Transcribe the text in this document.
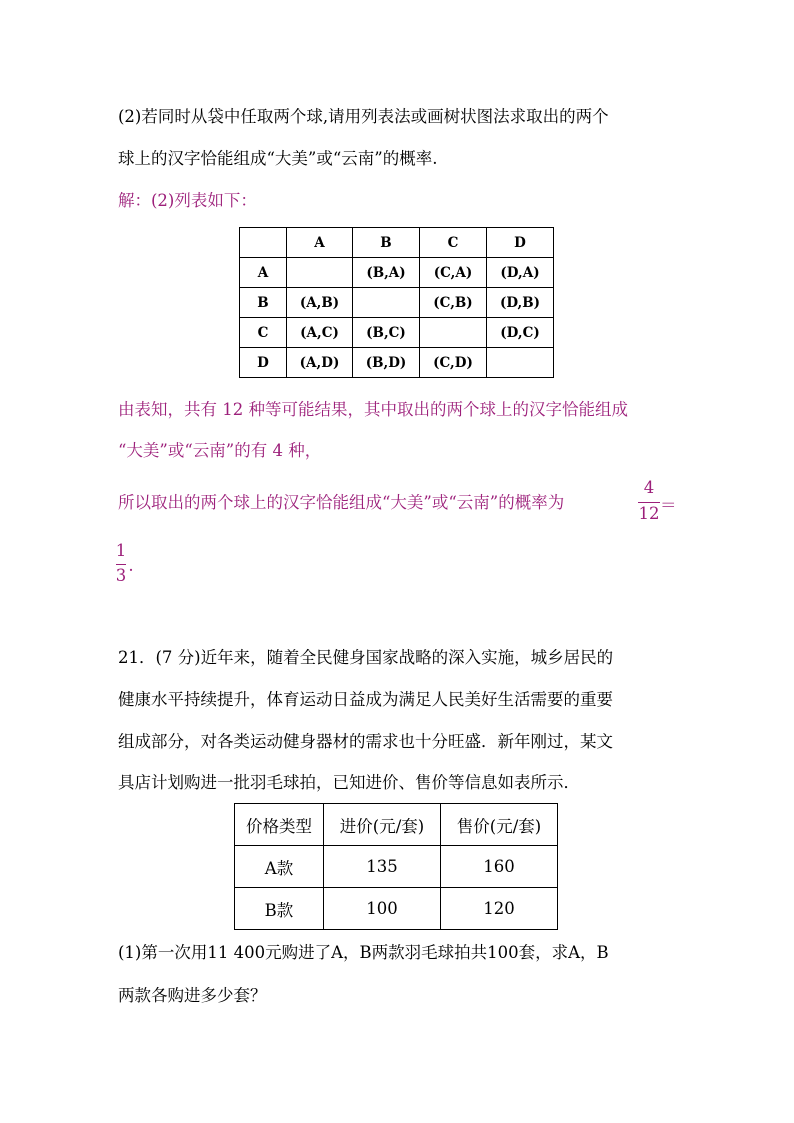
(2)若同时从袋中任取两个球,请用列表法或画树状图法求取出的两个
球上的汉字恰能组成“大美”或“云南”的概率.
解：(2)列表如下：
	A	B	C	D
A		(B,A)	(C,A)	(D,A)
B	(A,B)		(C,B)	(D,B)
C	(A,C)	(B,C)		(D,C)
D	(A,D)	(B,D)	(C,D)	
由表知，共有 12 种等可能结果，其中取出的两个球上的汉字恰能组成
“大美”或“云南”的有 4 种，
所以取出的两个球上的汉字恰能组成“大美”或“云南”的概率为
4
12 ＝
1
3
.
21．(7 分)近年来，随着全民健身国家战略的深入实施，城乡居民的
健康水平持续提升，体育运动日益成为满足人民美好生活需要的重要
组成部分，对各类运动健身器材的需求也十分旺盛．新年刚过，某文
具店计划购进一批羽毛球拍，已知进价、售价等信息如表所示．
价格类型	进价(元/套)	售价(元/套)
A款	135	160
B款	100	120
(1)第一次用11 400元购进了A，B两款羽毛球拍共100套，求A，B
两款各购进多少套？
